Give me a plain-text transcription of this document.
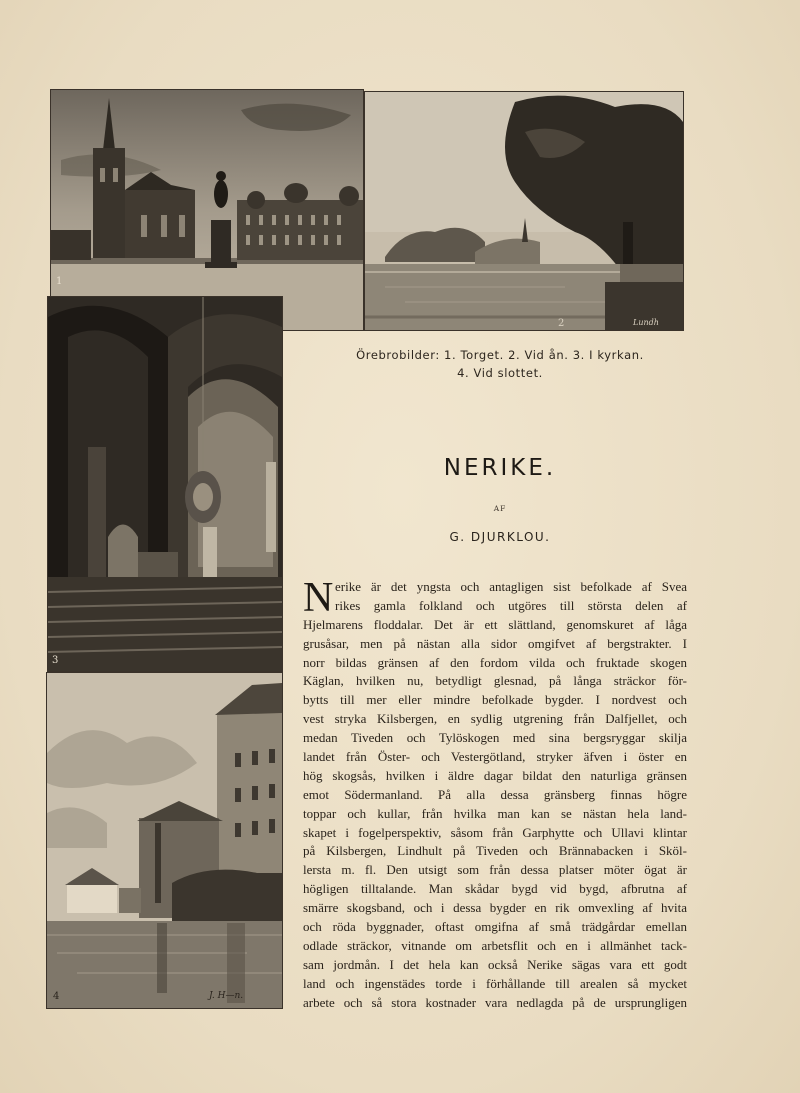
1
2	Lundh
3
4	J. H—n.
Örebrobilder: 1. Torget. 2. Vid ån. 3. I kyrkan.
4. Vid slottet.
NERIKE.
AF
G. DJURKLOU.
N erike är det yngsta och antagligen sist befolkade af Svea
rikes gamla folkland och utgöres till största delen af
Hjelmarens floddalar. Det är ett slättland, genomskuret af låga
grusåsar, men på nästan alla sidor omgifvet af bergstrakter. I
norr bildas gränsen af den fordom vilda och fruktade skogen
Käglan, hvilken nu, betydligt glesnad, på långa sträckor för-
bytts till mer eller mindre befolkade bygder. I nordvest och
vest stryka Kilsbergen, en sydlig utgrening från Dalfjellet, och
medan Tiveden och Tylöskogen med sina bergsryggar skilja
landet från Öster- och Vestergötland, stryker äfven i öster en
hög skogsås, hvilken i äldre dagar bildat den naturliga gränsen
emot Södermanland. På alla dessa gränsberg finnas högre
toppar och kullar, från hvilka man kan se nästan hela land-
skapet i fogelperspektiv, såsom från Garphytte och Ullavi klintar
på Kilsbergen, Lindhult på Tiveden och Brännabacken i Sköl-
lersta m. fl. Den utsigt som från dessa platser möter ögat är
högligen tilltalande. Man skådar bygd vid bygd, afbrutna af
smärre skogsband, och i dessa bygder en rik omvexling af hvita
och röda byggnader, oftast omgifna af små trädgårdar emellan
odlade sträckor, vitnande om arbetsflit och en i allmänhet tack-
sam jordmån. I det hela kan också Nerike sägas vara ett godt
land och ingenstädes torde i förhållande till arealen så mycket
arbete och så stora kostnader vara nedlagda på de ursprungligen
